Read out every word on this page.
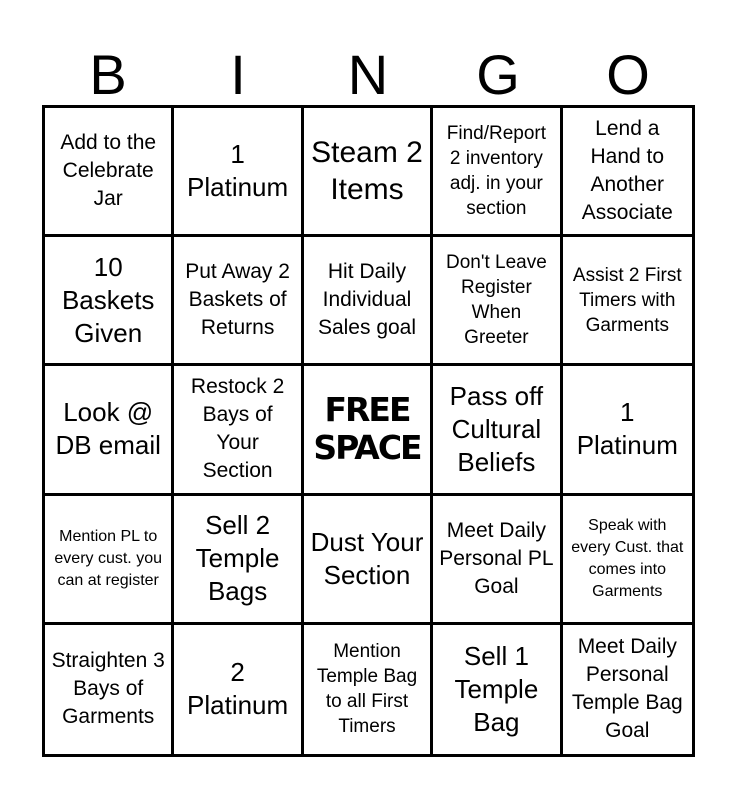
B	I	N	G	O
Add to the Celebrate Jar
1 Platinum
Steam 2 Items
Find/Report 2 inventory adj. in your section
Lend a Hand to Another Associate
10 Baskets Given
Put Away 2 Baskets of Returns
Hit Daily Individual Sales goal
Don't Leave Register When Greeter
Assist 2 First Timers with Garments
Look @ DB email
Restock 2 Bays of Your Section
FREE SPACE
Pass off Cultural Beliefs
1 Platinum
Mention PL to every cust. you can at register
Sell 2 Temple Bags
Dust Your Section
Meet Daily Personal PL Goal
Speak with every Cust. that comes into Garments
Straighten 3 Bays of Garments
2 Platinum
Mention Temple Bag to all First Timers
Sell 1 Temple Bag
Meet Daily Personal Temple Bag Goal
